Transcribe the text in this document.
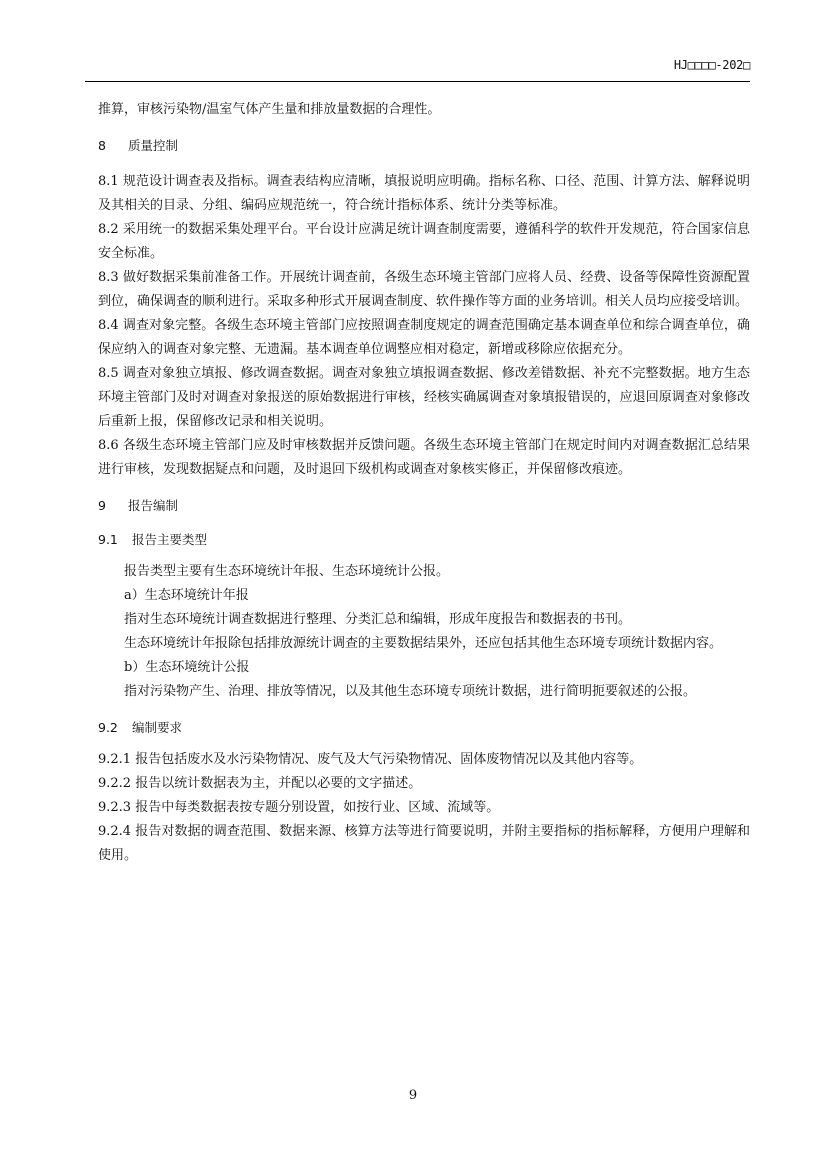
HJ□□□□-202□

推算，审核污染物/温室气体产生量和排放量数据的合理性。

8 质量控制

8.1 规范设计调查表及指标。调查表结构应清晰，填报说明应明确。指标名称、口径、范围、计算方法、解释说明及其相关的目录、分组、编码应规范统一，符合统计指标体系、统计分类等标准。

8.2 采用统一的数据采集处理平台。平台设计应满足统计调查制度需要，遵循科学的软件开发规范，符合国家信息安全标准。

8.3 做好数据采集前准备工作。开展统计调查前，各级生态环境主管部门应将人员、经费、设备等保障性资源配置到位，确保调查的顺利进行。采取多种形式开展调查制度、软件操作等方面的业务培训。相关人员均应接受培训。

8.4 调查对象完整。各级生态环境主管部门应按照调查制度规定的调查范围确定基本调查单位和综合调查单位，确保应纳入的调查对象完整、无遗漏。基本调查单位调整应相对稳定，新增或移除应依据充分。

8.5 调查对象独立填报、修改调查数据。调查对象独立填报调查数据、修改差错数据、补充不完整数据。地方生态环境主管部门及时对调查对象报送的原始数据进行审核，经核实确属调查对象填报错误的，应退回原调查对象修改后重新上报，保留修改记录和相关说明。

8.6 各级生态环境主管部门应及时审核数据并反馈问题。各级生态环境主管部门在规定时间内对调查数据汇总结果进行审核，发现数据疑点和问题，及时退回下级机构或调查对象核实修正，并保留修改痕迹。

9 报告编制
9.1 报告主要类型

报告类型主要有生态环境统计年报、生态环境统计公报。

a）生态环境统计年报

指对生态环境统计调查数据进行整理、分类汇总和编辑，形成年度报告和数据表的书刊。

生态环境统计年报除包括排放源统计调查的主要数据结果外，还应包括其他生态环境专项统计数据内容。

b）生态环境统计公报

指对污染物产生、治理、排放等情况，以及其他生态环境专项统计数据，进行简明扼要叙述的公报。

9.2 编制要求

9.2.1 报告包括废水及水污染物情况、废气及大气污染物情况、固体废物情况以及其他内容等。

9.2.2 报告以统计数据表为主，并配以必要的文字描述。

9.2.3 报告中每类数据表按专题分别设置，如按行业、区域、流域等。

9.2.4 报告对数据的调查范围、数据来源、核算方法等进行简要说明，并附主要指标的指标解释，方便用户理解和使用。

9
